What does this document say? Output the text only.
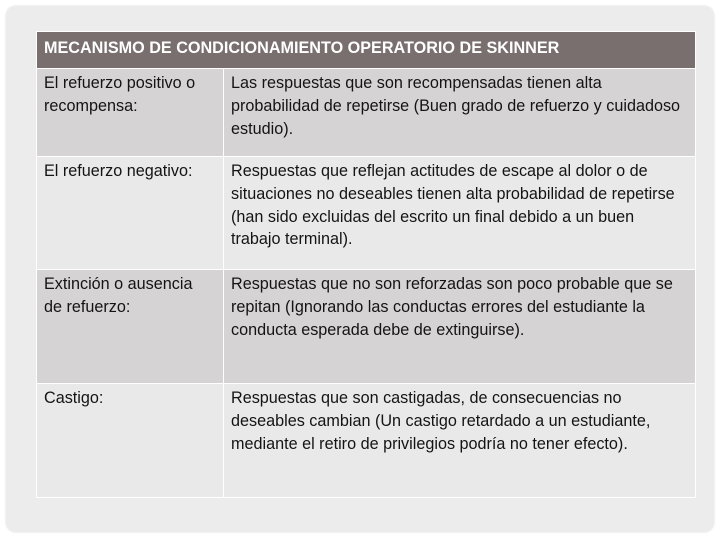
MECANISMO DE CONDICIONAMIENTO OPERATORIO DE SKINNER	
El refuerzo positivo o recompensa:	Las respuestas que son recompensadas tienen alta probabilidad de repetirse (Buen grado de refuerzo y cuidadoso estudio).
El refuerzo negativo:	Respuestas que reflejan actitudes de escape al dolor o de situaciones no deseables tienen alta probabilidad de repetirse (han sido excluidas del escrito un final debido a un buen trabajo terminal).
Extinción o ausencia de refuerzo:	Respuestas que no son reforzadas son poco probable que se repitan (Ignorando las conductas errores del estudiante la conducta esperada debe de extinguirse).
Castigo:	Respuestas que son castigadas, de consecuencias no deseables cambian (Un castigo retardado a un estudiante, mediante el retiro de privilegios podría no tener efecto).
